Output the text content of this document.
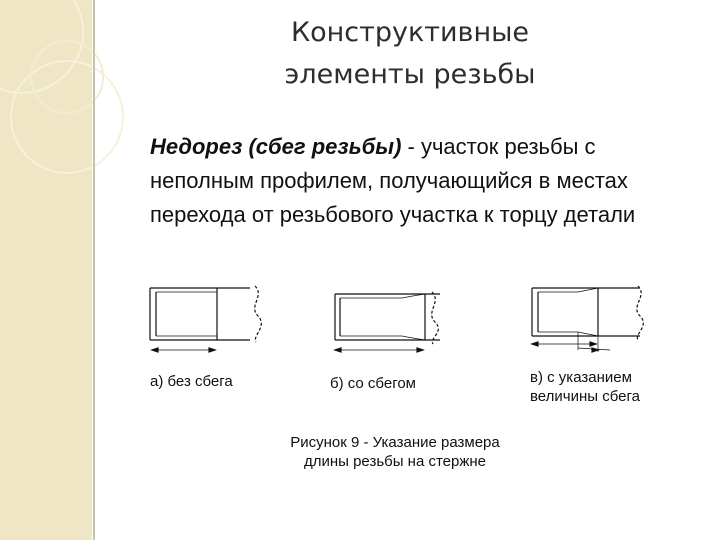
Конструктивные
элементы резьбы
Недорез (сбег резьбы) - участок резьбы с неполным профилем, получающийся в местах перехода от резьбового участка к торцу детали
а) без сбега	б) со сбегом	в) с указанием
величины сбега
Рисунок 9 - Указание размера
длины резьбы на стержне
